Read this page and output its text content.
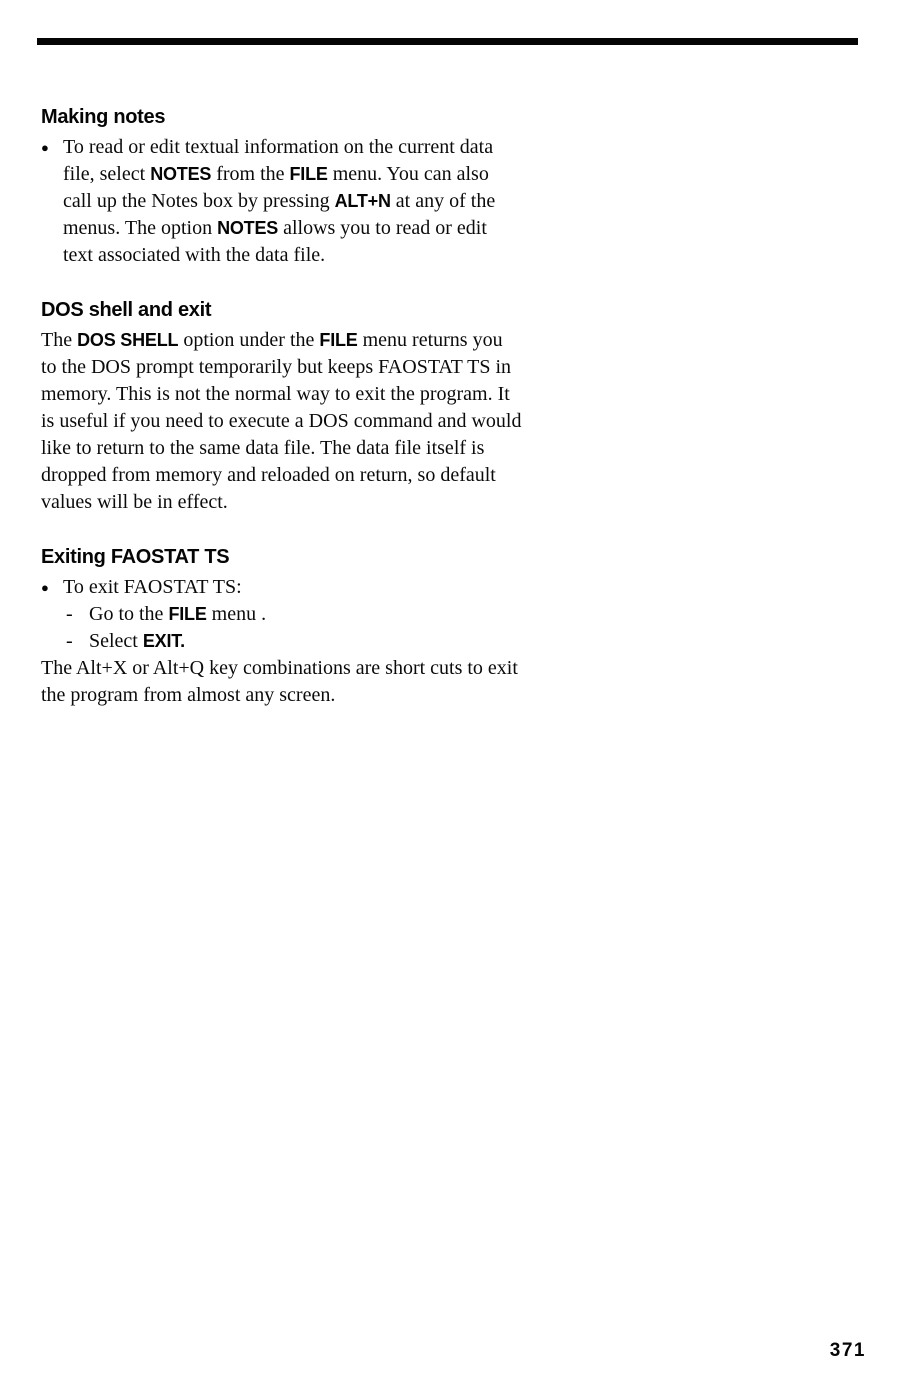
Making notes
● To read or edit textual information on the current data
file, select NOTES from the FILE menu. You can also
call up the Notes box by pressing ALT+N at any of the
menus. The option NOTES allows you to read or edit
text associated with the data file.
DOS shell and exit
The DOS SHELL option under the FILE menu returns you
to the DOS prompt temporarily but keeps FAOSTAT TS in
memory. This is not the normal way to exit the program. It
is useful if you need to execute a DOS command and would
like to return to the same data file. The data file itself is
dropped from memory and reloaded on return, so default
values will be in effect.
Exiting FAOSTAT TS
● To exit FAOSTAT TS:
- Go to the FILE menu .
- Select EXIT.
The Alt+X or Alt+Q key combinations are short cuts to exit
the program from almost any screen.
371
